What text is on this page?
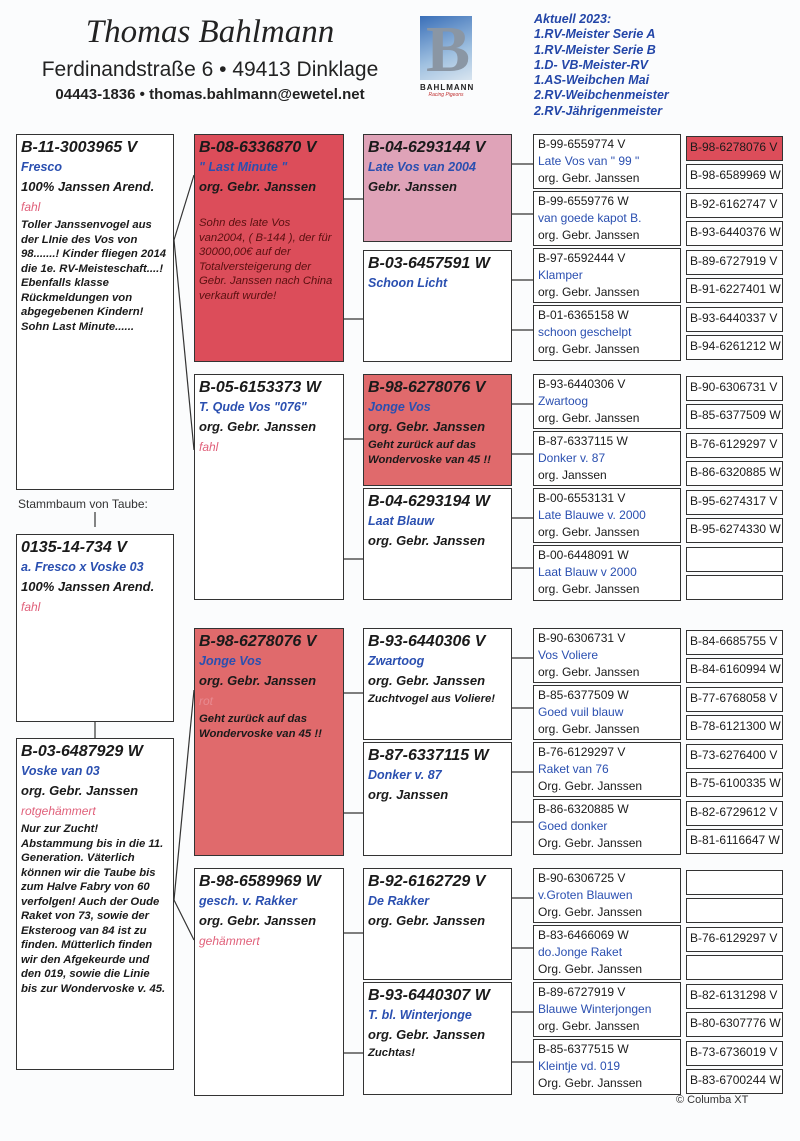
Thomas Bahlmann
Ferdinandstraße 6 • 49413 Dinklage
04443-1836 • thomas.bahlmann@ewetel.net
B
BAHLMANN
Racing Pigeons
Aktuell 2023:
1.RV-Meister Serie A
1.RV-Meister Serie B
1.D- VB-Meister-RV
1.AS-Weibchen Mai
2.RV-Weibchenmeister
2.RV-Jährigenmeister
B-11-3003965 V
Fresco
100% Janssen Arend.
fahl
Toller Janssenvogel aus der LInie des Vos von 98.......! Kinder fliegen 2014 die 1e. RV-Meisteschaft....! Ebenfalls klasse Rückmeldungen von abgegebenen Kindern! Sohn Last Minute......
0135-14-734 V
a. Fresco x Voske 03
100% Janssen Arend.
fahl
B-03-6487929 W
Voske van 03
org. Gebr. Janssen
rotgehämmert
Nur zur Zucht! Abstammung bis in die 11. Generation. Väterlich können wir die Taube bis zum Halve Fabry von 60 verfolgen! Auch der Oude Raket von 73, sowie der Eksteroog van 84 ist zu finden. Mütterlich finden wir den Afgekeurde und den 019, sowie die Linie bis zur Wondervoske v. 45.
B-08-6336870 V
" Last Minute "
org. Gebr. Janssen
Sohn des late Vos van2004, ( B-144 ), der für 30000,00€ auf der Totalversteigerung der Gebr. Janssen nach China verkauft wurde!
B-05-6153373 W
T. Qude Vos "076"
org. Gebr. Janssen
fahl
B-98-6278076 V
Jonge Vos
org. Gebr. Janssen
rot
Geht zurück auf das Wondervoske van 45 !!
B-98-6589969 W
gesch. v. Rakker
org. Gebr. Janssen
gehämmert
B-04-6293144 V
Late Vos van 2004
Gebr. Janssen
B-03-6457591 W
Schoon Licht
B-98-6278076 V
Jonge Vos
org. Gebr. Janssen
Geht zurück auf das Wondervoske van 45 !!
B-04-6293194 W
Laat Blauw
org. Gebr. Janssen
B-93-6440306 V
Zwartoog
org. Gebr. Janssen
Zuchtvogel aus Voliere!
B-87-6337115 W
Donker v. 87
org. Janssen
B-92-6162729 V
De Rakker
org. Gebr. Janssen
B-93-6440307 W
T. bl. Winterjonge
org. Gebr. Janssen
Zuchtas!
B-99-6559774 V
Late Vos van " 99 "
org. Gebr. Janssen
B-98-6278076 V
B-98-6589969 W
B-99-6559776 W
van goede kapot B.
org. Gebr. Janssen
B-92-6162747 V
B-93-6440376 W
B-97-6592444 V
Klamper
org. Gebr. Janssen
B-89-6727919 V
B-91-6227401 W
B-01-6365158 W
schoon geschelpt
org. Gebr. Janssen
B-93-6440337 V
B-94-6261212 W
B-93-6440306 V
Zwartoog
org. Gebr. Janssen
B-90-6306731 V
B-85-6377509 W
B-87-6337115 W
Donker v. 87
org. Janssen
B-76-6129297 V
B-86-6320885 W
B-00-6553131 V
Late Blauwe v. 2000
org. Gebr. Janssen
B-95-6274317 V
B-95-6274330 W
B-00-6448091 W
Laat Blauw v 2000
org. Gebr. Janssen
B-90-6306731 V
Vos Voliere
org. Gebr. Janssen
B-84-6685755 V
B-84-6160994 W
B-85-6377509 W
Goed vuil blauw
org. Gebr. Janssen
B-77-6768058 V
B-78-6121300 W
B-76-6129297 V
Raket van 76
Org. Gebr. Janssen
B-73-6276400 V
B-75-6100335 W
B-86-6320885 W
Goed donker
Org. Gebr. Janssen
B-82-6729612 V
B-81-6116647 W
B-90-6306725 V
v.Groten Blauwen
Org. Gebr. Janssen
B-83-6466069 W
do.Jonge Raket
Org. Gebr. Janssen
B-76-6129297 V
B-89-6727919 V
Blauwe Winterjongen
org. Gebr. Janssen
B-82-6131298 V
B-80-6307776 W
B-85-6377515 W
Kleintje vd. 019
Org. Gebr. Janssen
B-73-6736019 V
B-83-6700244 W
Stammbaum von Taube:
© Columba XT
